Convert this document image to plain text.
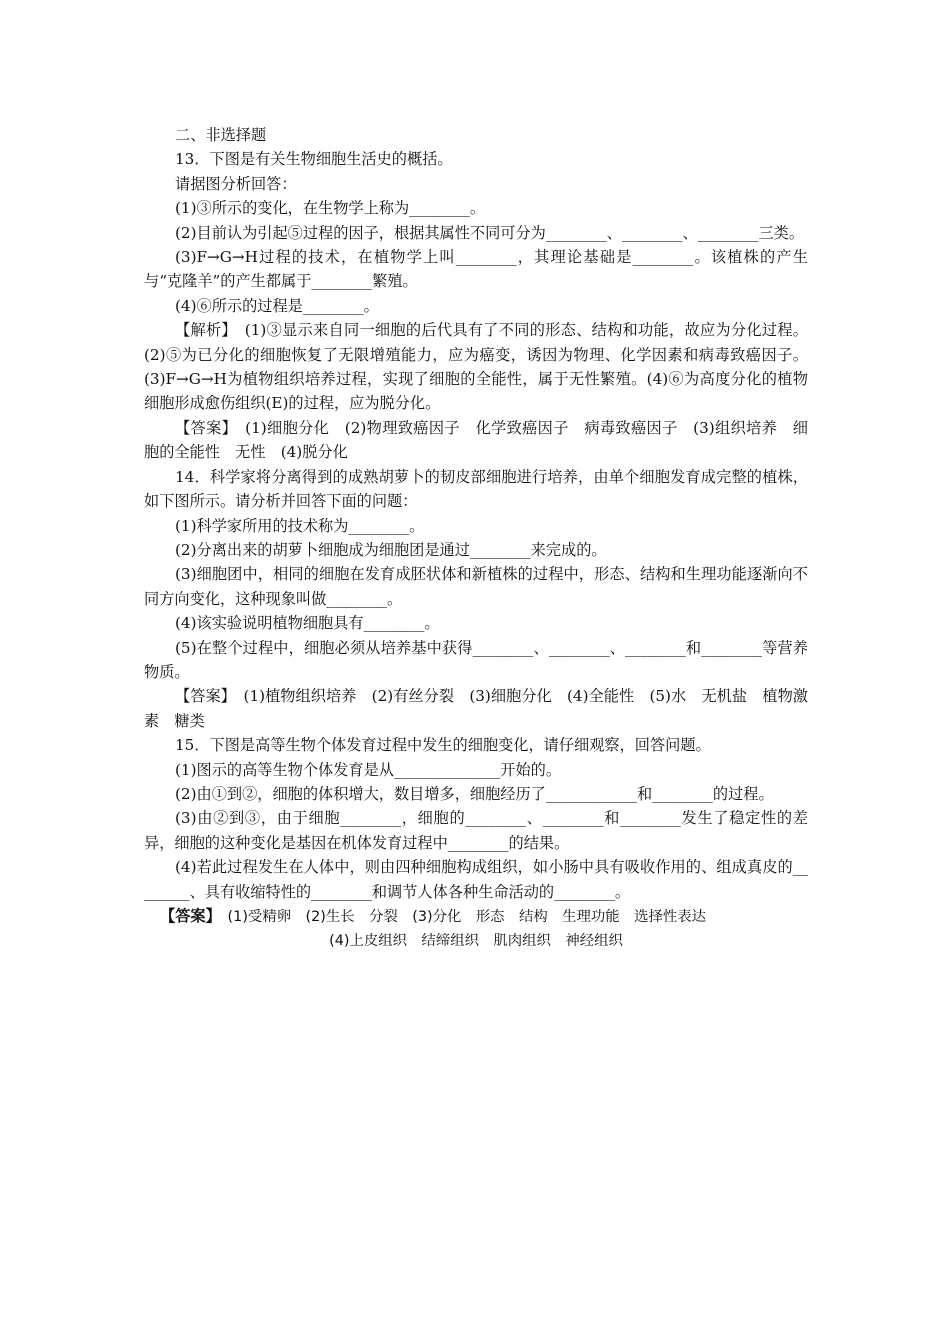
二、非选择题

13．下图是有关生物细胞生活史的概括。

请据图分析回答：

(1)③所示的变化，在生物学上称为________。

(2)目前认为引起⑤过程的因子，根据其属性不同可分为________、________、________三类。

(3)F→G→H过程的技术，在植物学上叫________，其理论基础是________。该植株的产生与“克隆羊”的产生都属于________繁殖。

(4)⑥所示的过程是________。

【解析】　(1)③显示来自同一细胞的后代具有了不同的形态、结构和功能，故应为分化过程。(2)⑤为已分化的细胞恢复了无限增殖能力，应为癌变，诱因为物理、化学因素和病毒致癌因子。(3)F→G→H为植物组织培养过程，实现了细胞的全能性，属于无性繁殖。(4)⑥为高度分化的植物细胞形成愈伤组织(E)的过程，应为脱分化。

【答案】　(1)细胞分化　(2)物理致癌因子　化学致癌因子　病毒致癌因子　(3)组织培养　细胞的全能性　无性　(4)脱分化

14．科学家将分离得到的成熟胡萝卜的韧皮部细胞进行培养，由单个细胞发育成完整的植株，如下图所示。请分析并回答下面的问题：

(1)科学家所用的技术称为________。

(2)分离出来的胡萝卜细胞成为细胞团是通过________来完成的。

(3)细胞团中，相同的细胞在发育成胚状体和新植株的过程中，形态、结构和生理功能逐渐向不同方向变化，这种现象叫做________。

(4)该实验说明植物细胞具有________。

(5)在整个过程中，细胞必须从培养基中获得________、________、________和________等营养物质。

【答案】　(1)植物组织培养　(2)有丝分裂　(3)细胞分化　(4)全能性　(5)水　无机盐　植物激素　糖类

15．下图是高等生物个体发育过程中发生的细胞变化，请仔细观察，回答问题。

(1)图示的高等生物个体发育是从______________开始的。

(2)由①到②，细胞的体积增大，数目增多，细胞经历了____________和________的过程。

(3)由②到③，由于细胞________，细胞的________、________和________发生了稳定性的差异，细胞的这种变化是基因在机体发育过程中________的结果。

(4)若此过程发生在人体中，则由四种细胞构成组织，如小肠中具有吸收作用的、组成真皮的________、具有收缩特性的________和调节人体各种生命活动的________。

【答案】　(1)受精卵　(2)生长　分裂　(3)分化　形态　结构　生理功能　选择性表达

(4)上皮组织　结缔组织　肌肉组织　神经组织
